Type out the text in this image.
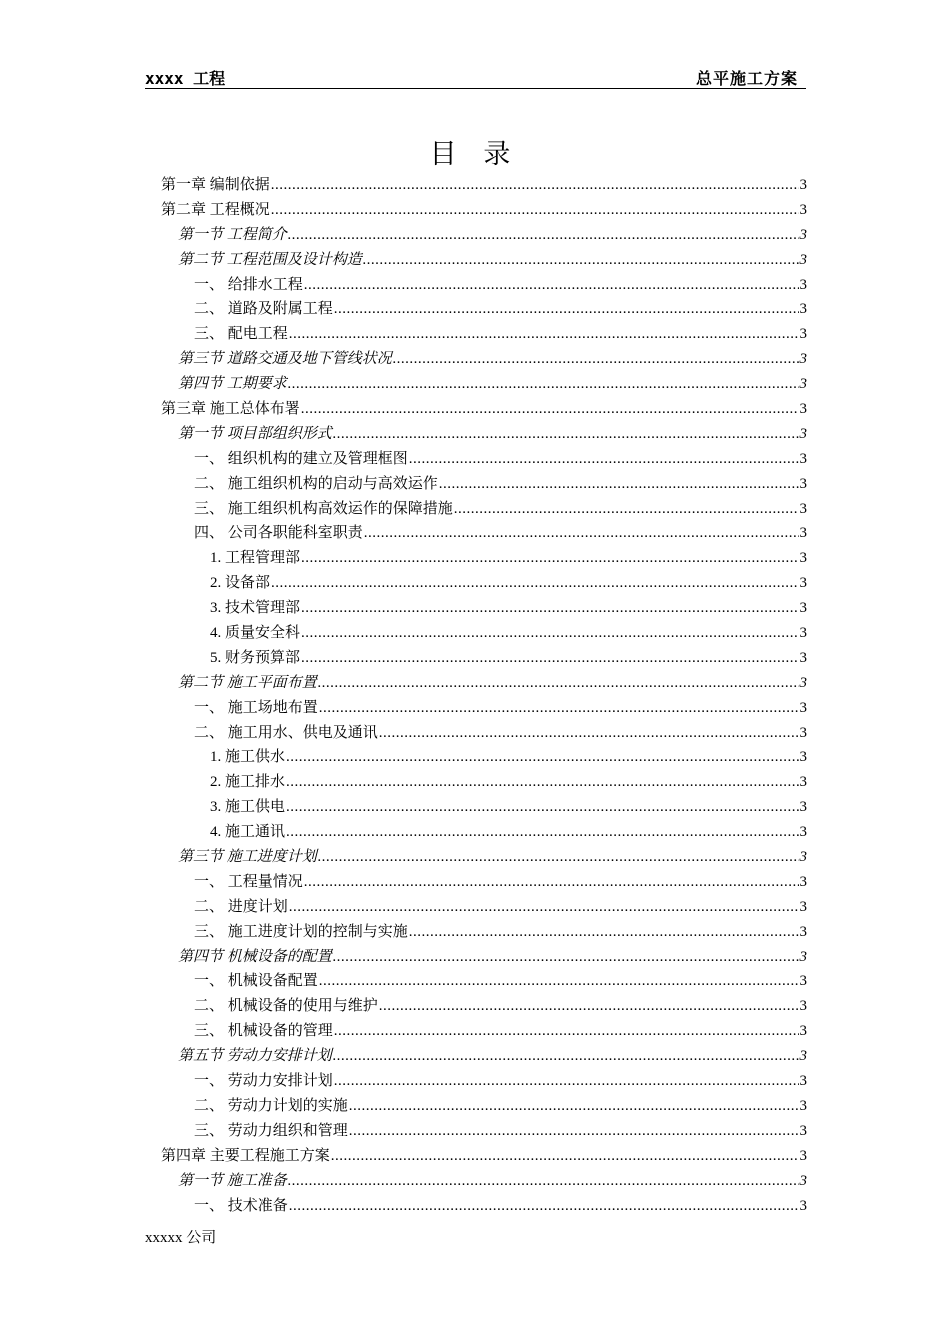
xxxx 工程	总平施工方案
目 录
第一章 编制依据 .....	3
第二章 工程概况 .....	3
第一节 工程简介 .....	3
第二节 工程范围及设计构造 .....	3
一、 给排水工程 .....	3
二、 道路及附属工程 .....	3
三、 配电工程 .....	3
第三节 道路交通及地下管线状况 .....	3
第四节 工期要求 .....	3
第三章 施工总体布署 .....	3
第一节 项目部组织形式 .....	3
一、 组织机构的建立及管理框图 .....	3
二、 施工组织机构的启动与高效运作 .....	3
三、 施工组织机构高效运作的保障措施 .....	3
四、 公司各职能科室职责 .....	3
1. 工程管理部 .....	3
2. 设备部 .....	3
3. 技术管理部 .....	3
4. 质量安全科 .....	3
5. 财务预算部 .....	3
第二节 施工平面布置 .....	3
一、 施工场地布置 .....	3
二、 施工用水、供电及通讯 .....	3
1. 施工供水 .....	3
2. 施工排水 .....	3
3. 施工供电 .....	3
4. 施工通讯 .....	3
第三节 施工进度计划 .....	3
一、 工程量情况 .....	3
二、 进度计划 .....	3
三、 施工进度计划的控制与实施 .....	3
第四节 机械设备的配置 .....	3
一、 机械设备配置 .....	3
二、 机械设备的使用与维护 .....	3
三、 机械设备的管理 .....	3
第五节 劳动力安排计划 .....	3
一、 劳动力安排计划 .....	3
二、 劳动力计划的实施 .....	3
三、 劳动力组织和管理 .....	3
第四章 主要工程施工方案 .....	3
第一节 施工准备 .....	3
一、 技术准备 .....	3
xxxxx 公司
